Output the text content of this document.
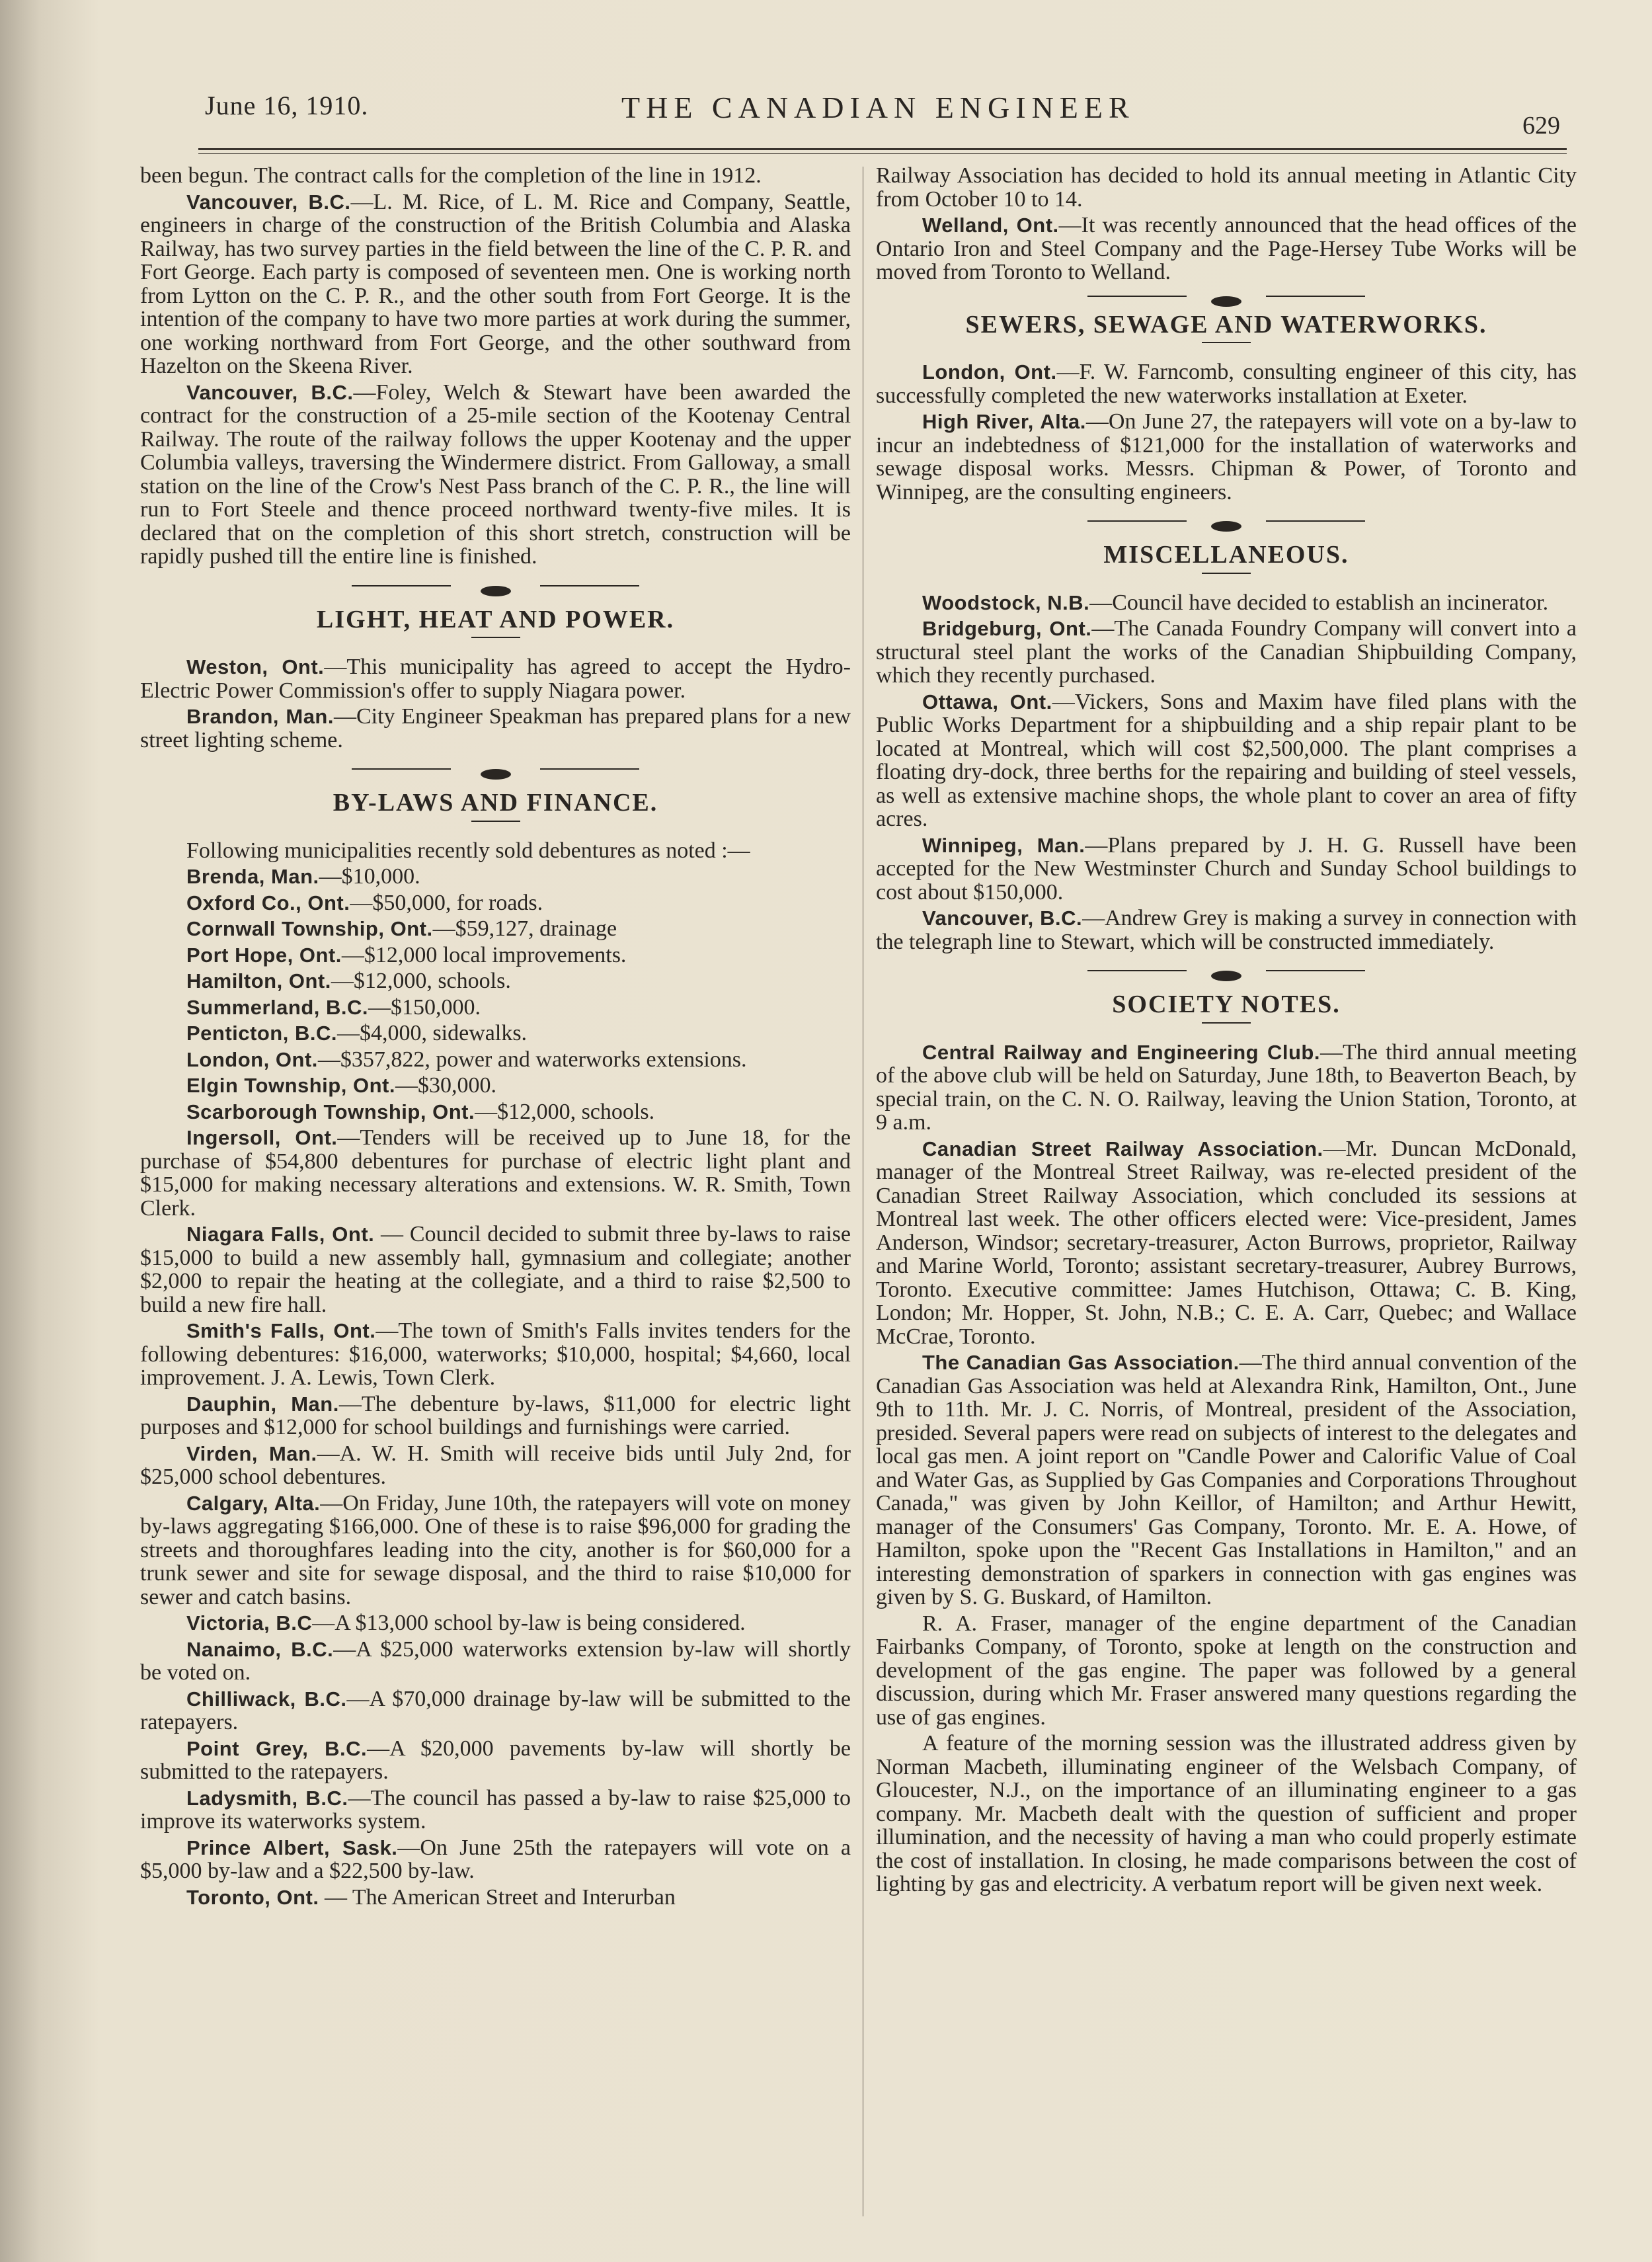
June 16, 1910.	THE CANADIAN ENGINEER
629

been begun. The contract calls for the completion of the line in 1912.

Vancouver, B.C.—L. M. Rice, of L. M. Rice and Company, Seattle, engineers in charge of the construction of the British Columbia and Alaska Railway, has two survey parties in the field between the line of the C. P. R. and Fort George. Each party is composed of seventeen men. One is working north from Lytton on the C. P. R., and the other south from Fort George. It is the intention of the company to have two more parties at work during the summer, one working northward from Fort George, and the other southward from Hazelton on the Skeena River.

Vancouver, B.C.—Foley, Welch & Stewart have been awarded the contract for the construction of a 25-mile section of the Kootenay Central Railway. The route of the railway follows the upper Kootenay and the upper Columbia valleys, traversing the Windermere district. From Galloway, a small station on the line of the Crow's Nest Pass branch of the C. P. R., the line will run to Fort Steele and thence proceed northward twenty-five miles. It is declared that on the completion of this short stretch, construction will be rapidly pushed till the entire line is finished.

LIGHT, HEAT AND POWER.

Weston, Ont.—This municipality has agreed to accept the Hydro-Electric Power Commission's offer to supply Niagara power.

Brandon, Man.—City Engineer Speakman has prepared plans for a new street lighting scheme.

BY-LAWS AND FINANCE.

Following municipalities recently sold debentures as noted :—

Brenda, Man.—$10,000.

Oxford Co., Ont.—$50,000, for roads.

Cornwall Township, Ont.—$59,127, drainage

Port Hope, Ont.—$12,000 local improvements.

Hamilton, Ont.—$12,000, schools.

Summerland, B.C.—$150,000.

Penticton, B.C.—$4,000, sidewalks.

London, Ont.—$357,822, power and waterworks extensions.

Elgin Township, Ont.—$30,000.

Scarborough Township, Ont.—$12,000, schools.

Ingersoll, Ont.—Tenders will be received up to June 18, for the purchase of $54,800 debentures for purchase of electric light plant and $15,000 for making necessary alterations and extensions. W. R. Smith, Town Clerk.

Niagara Falls, Ont. — Council decided to submit three by-laws to raise $15,000 to build a new assembly hall, gymnasium and collegiate; another $2,000 to repair the heating at the collegiate, and a third to raise $2,500 to build a new fire hall.

Smith's Falls, Ont.—The town of Smith's Falls invites tenders for the following debentures: $16,000, waterworks; $10,000, hospital; $4,660, local improvement. J. A. Lewis, Town Clerk.

Dauphin, Man.—The debenture by-laws, $11,000 for electric light purposes and $12,000 for school buildings and furnishings were carried.

Virden, Man.—A. W. H. Smith will receive bids until July 2nd, for $25,000 school debentures.

Calgary, Alta.—On Friday, June 10th, the ratepayers will vote on money by-laws aggregating $166,000. One of these is to raise $96,000 for grading the streets and thoroughfares leading into the city, another is for $60,000 for a trunk sewer and site for sewage disposal, and the third to raise $10,000 for sewer and catch basins.

Victoria, B.C—A $13,000 school by-law is being considered.

Nanaimo, B.C.—A $25,000 waterworks extension by-law will shortly be voted on.

Chilliwack, B.C.—A $70,000 drainage by-law will be submitted to the ratepayers.

Point Grey, B.C.—A $20,000 pavements by-law will shortly be submitted to the ratepayers.

Ladysmith, B.C.—The council has passed a by-law to raise $25,000 to improve its waterworks system.

Prince Albert, Sask.—On June 25th the ratepayers will vote on a $5,000 by-law and a $22,500 by-law.

Toronto, Ont. — The American Street and Interurban

Railway Association has decided to hold its annual meeting in Atlantic City from October 10 to 14.

Welland, Ont.—It was recently announced that the head offices of the Ontario Iron and Steel Company and the Page-Hersey Tube Works will be moved from Toronto to Welland.

SEWERS, SEWAGE AND WATERWORKS.

London, Ont.—F. W. Farncomb, consulting engineer of this city, has successfully completed the new waterworks installation at Exeter.

High River, Alta.—On June 27, the ratepayers will vote on a by-law to incur an indebtedness of $121,000 for the installation of waterworks and sewage disposal works. Messrs. Chipman & Power, of Toronto and Winnipeg, are the consulting engineers.

MISCELLANEOUS.

Woodstock, N.B.—Council have decided to establish an incinerator.

Bridgeburg, Ont.—The Canada Foundry Company will convert into a structural steel plant the works of the Canadian Shipbuilding Company, which they recently purchased.

Ottawa, Ont.—Vickers, Sons and Maxim have filed plans with the Public Works Department for a shipbuilding and a ship repair plant to be located at Montreal, which will cost $2,500,000. The plant comprises a floating dry-dock, three berths for the repairing and building of steel vessels, as well as extensive machine shops, the whole plant to cover an area of fifty acres.

Winnipeg, Man.—Plans prepared by J. H. G. Russell have been accepted for the New Westminster Church and Sunday School buildings to cost about $150,000.

Vancouver, B.C.—Andrew Grey is making a survey in connection with the telegraph line to Stewart, which will be constructed immediately.

SOCIETY NOTES.

Central Railway and Engineering Club.—The third annual meeting of the above club will be held on Saturday, June 18th, to Beaverton Beach, by special train, on the C. N. O. Railway, leaving the Union Station, Toronto, at 9 a.m.

Canadian Street Railway Association.—Mr. Duncan McDonald, manager of the Montreal Street Railway, was re-elected president of the Canadian Street Railway Association, which concluded its sessions at Montreal last week. The other officers elected were: Vice-president, James Anderson, Windsor; secretary-treasurer, Acton Burrows, proprietor, Railway and Marine World, Toronto; assistant secretary-treasurer, Aubrey Burrows, Toronto. Executive committee: James Hutchison, Ottawa; C. B. King, London; Mr. Hopper, St. John, N.B.; C. E. A. Carr, Quebec; and Wallace McCrae, Toronto.

The Canadian Gas Association.—The third annual convention of the Canadian Gas Association was held at Alexandra Rink, Hamilton, Ont., June 9th to 11th. Mr. J. C. Norris, of Montreal, president of the Association, presided. Several papers were read on subjects of interest to the delegates and local gas men. A joint report on "Candle Power and Calorific Value of Coal and Water Gas, as Supplied by Gas Companies and Corporations Throughout Canada," was given by John Keillor, of Hamilton; and Arthur Hewitt, manager of the Consumers' Gas Company, Toronto. Mr. E. A. Howe, of Hamilton, spoke upon the "Recent Gas Installations in Hamilton," and an interesting demonstration of sparkers in connection with gas engines was given by S. G. Buskard, of Hamilton.

R. A. Fraser, manager of the engine department of the Canadian Fairbanks Company, of Toronto, spoke at length on the construction and development of the gas engine. The paper was followed by a general discussion, during which Mr. Fraser answered many questions regarding the use of gas engines.

A feature of the morning session was the illustrated address given by Norman Macbeth, illuminating engineer of the Welsbach Company, of Gloucester, N.J., on the importance of an illuminating engineer to a gas company. Mr. Macbeth dealt with the question of sufficient and proper illumination, and the necessity of having a man who could properly estimate the cost of installation. In closing, he made comparisons between the cost of lighting by gas and electricity. A verbatum report will be given next week.
